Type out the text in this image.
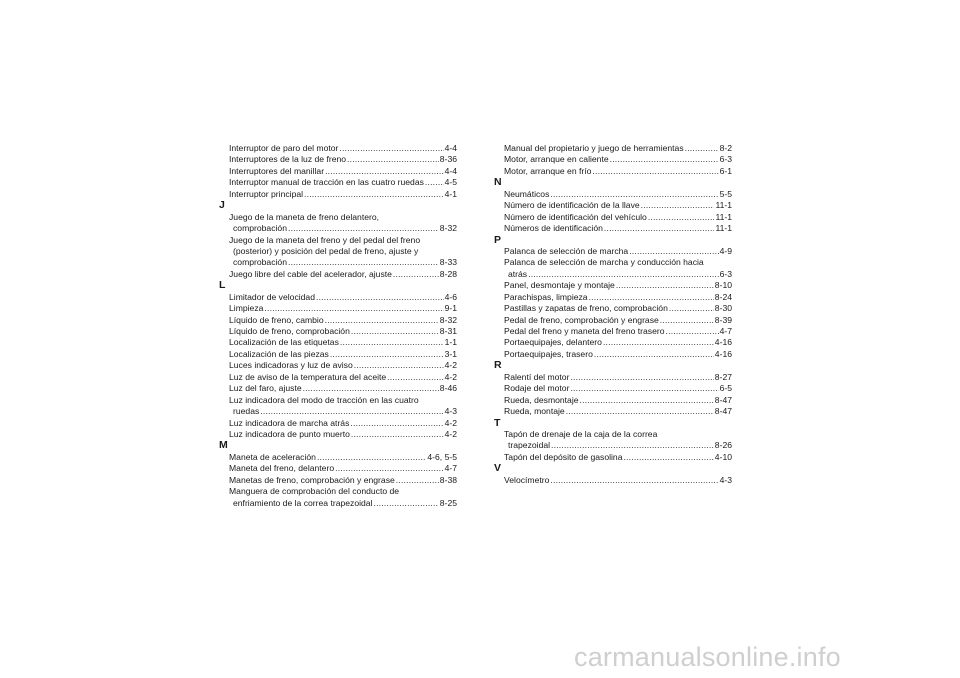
Interruptor de paro del motor .....	4-4
Interruptores de la luz de freno .....	8-36
Interruptores del manillar .....	4-4
Interruptor manual de tracción en las cuatro ruedas ..... 4-5
Interruptor principal .....	4-1
J
Juego de la maneta de freno delantero,
comprobación .....	8-32
Juego de la maneta del freno y del pedal del freno
(posterior) y posición del pedal de freno, ajuste y
comprobación .....	8-33
Juego libre del cable del acelerador, ajuste .....	8-28
L
Limitador de velocidad .....	4-6
Limpieza .....	9-1
Líquido de freno, cambio .....	8-32
Líquido de freno, comprobación .....	8-31
Localización de las etiquetas .....	1-1
Localización de las piezas .....	3-1
Luces indicadoras y luz de aviso .....	4-2
Luz de aviso de la temperatura del aceite .....	4-2
Luz del faro, ajuste .....	8-46
Luz indicadora del modo de tracción en las cuatro
ruedas .....	4-3
Luz indicadora de marcha atrás .....	4-2
Luz indicadora de punto muerto .....	4-2
M
Maneta de aceleración .....	4-6, 5-5
Maneta del freno, delantero .....	4-7
Manetas de freno, comprobación y engrase .....	8-38
Manguera de comprobación del conducto de
enfriamiento de la correa trapezoidal .....	8-25
Manual del propietario y juego de herramientas .....	8-2
Motor, arranque en caliente .....	6-3
Motor, arranque en frío .....	6-1
N
Neumáticos .....	5-5
Número de identificación de la llave .....	11-1
Número de identificación del vehículo .....	11-1
Números de identificación .....	11-1
P
Palanca de selección de marcha .....	4-9
Palanca de selección de marcha y conducción hacia
atrás .....	6-3
Panel, desmontaje y montaje .....	8-10
Parachispas, limpieza .....	8-24
Pastillas y zapatas de freno, comprobación .....	8-30
Pedal de freno, comprobación y engrase .....	8-39
Pedal del freno y maneta del freno trasero .....	4-7
Portaequipajes, delantero .....	4-16
Portaequipajes, trasero .....	4-16
R
Ralentí del motor .....	8-27
Rodaje del motor .....	6-5
Rueda, desmontaje .....	8-47
Rueda, montaje .....	8-47
T
Tapón de drenaje de la caja de la correa
trapezoidal .....	8-26
Tapón del depósito de gasolina .....	4-10
V
Velocímetro .....	4-3
carmanualsonline.info
